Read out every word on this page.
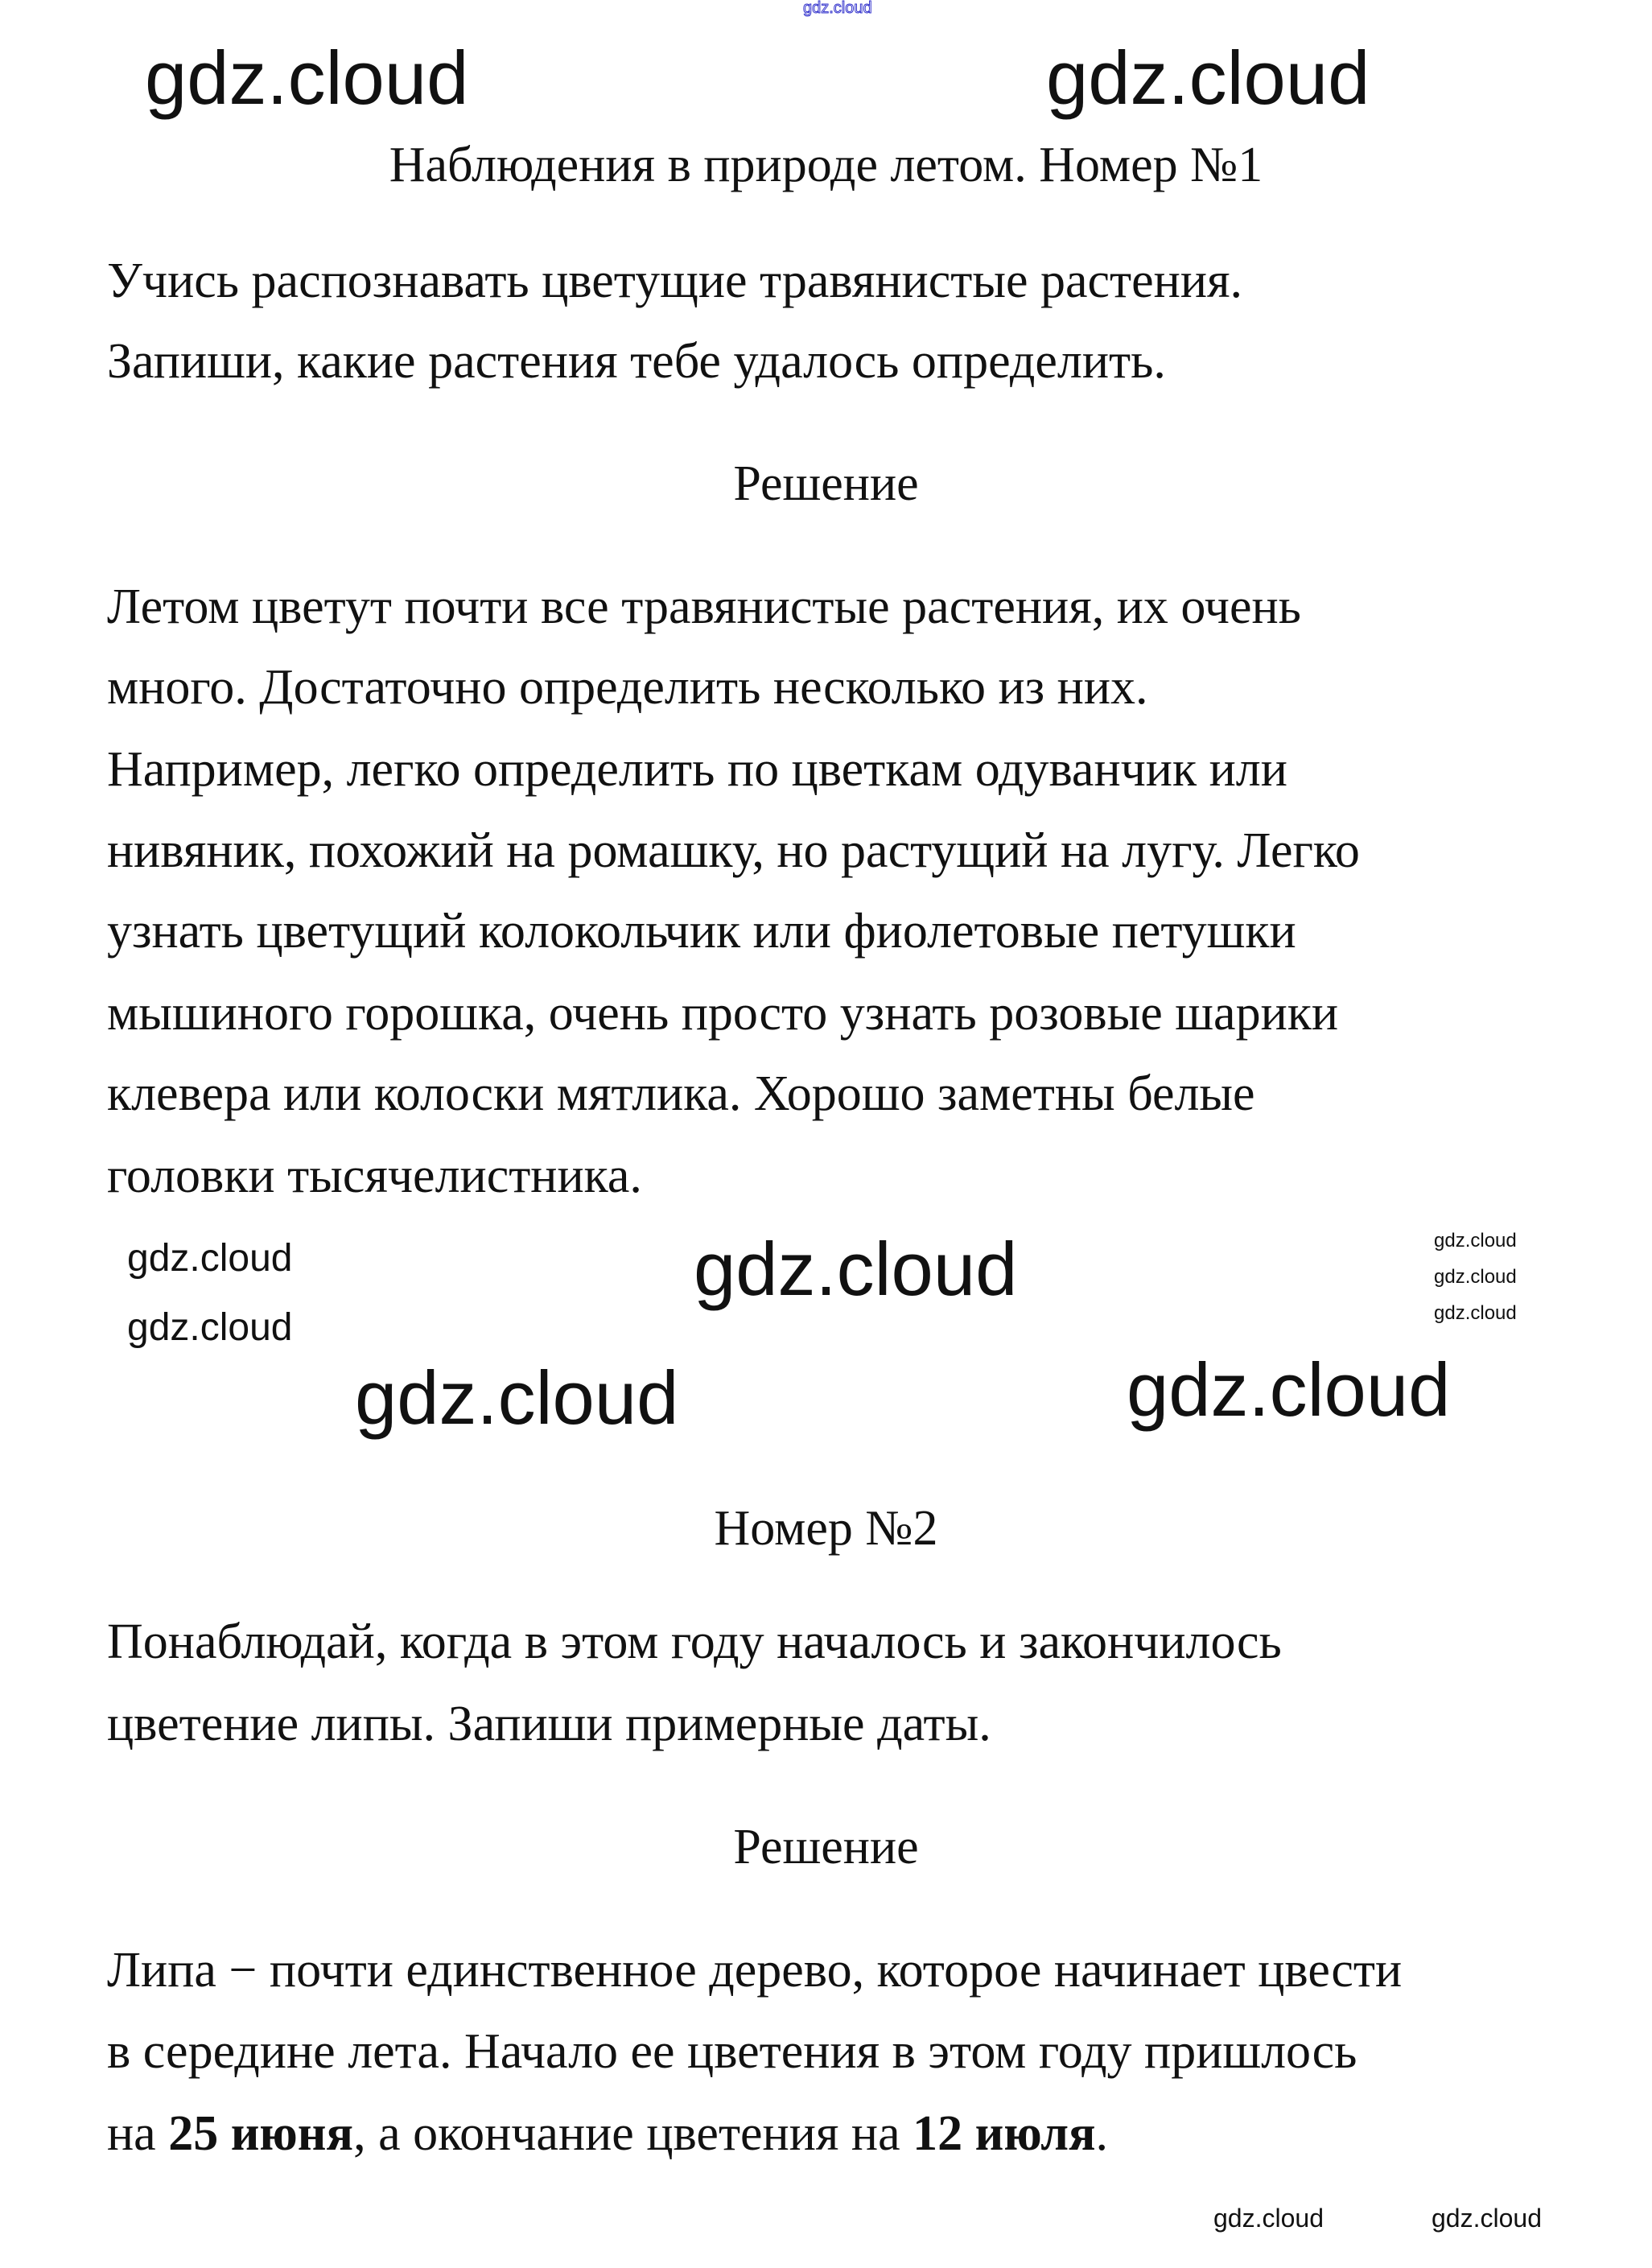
gdz.cloud
Наблюдения в природе летом. Номер №1
Учись распознавать цветущие травянистые растения.
Запиши, какие растения тебе удалось определить.
Решение
Летом цветут почти все травянистые растения, их очень
много. Достаточно определить несколько из них.
Например, легко определить по цветкам одуванчик или
нивяник, похожий на ромашку, но растущий на лугу. Легко
узнать цветущий колокольчик или фиолетовые петушки
мышиного горошка, очень просто узнать розовые шарики
клевера или колоски мятлика. Хорошо заметны белые
головки тысячелистника.
Номер №2
Понаблюдай, когда в этом году началось и закончилось
цветение липы. Запиши примерные даты.
Решение
Липа − почти единственное дерево, которое начинает цвести
в середине лета. Начало ее цветения в этом году пришлось
на 25 июня, а окончание цветения на 12 июля.
gdz.cloud	gdz.cloud
gdz.cloud
gdz.cloud
gdz.cloud
gdz.cloud
gdz.cloud
gdz.cloud
gdz.cloud
gdz.cloud
gdz.cloud	gdz.cloud
